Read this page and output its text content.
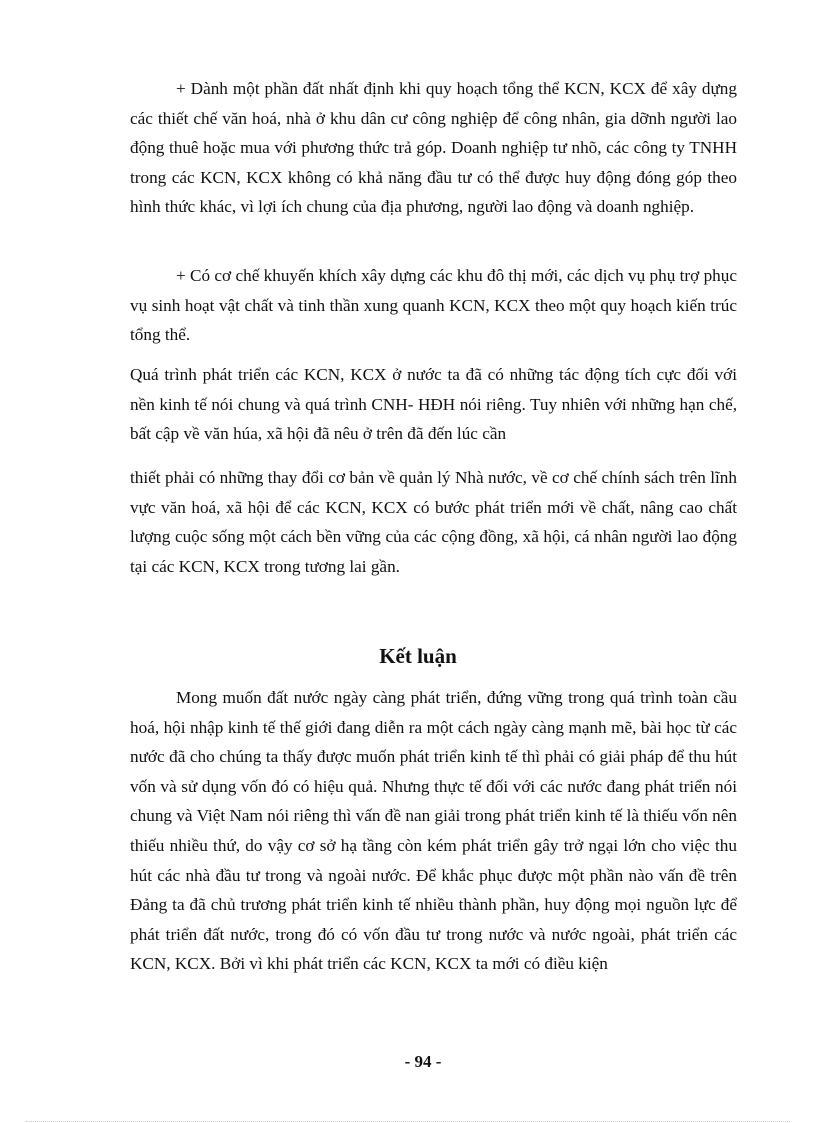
+ Dành một phần đất nhất định khi quy hoạch tổng thể KCN, KCX để xây dựng các thiết chế văn hoá, nhà ở khu dân cư công nghiệp để công nhân, gia dỡnh người lao động thuê hoặc mua với phương thức trả góp. Doanh nghiệp tư nhõ, các công ty TNHH trong các KCN, KCX không có khả năng đầu tư có thể được huy động đóng góp theo hình thức khác, vì lợi ích chung của địa phương, người lao động và doanh nghiệp.

+ Có cơ chế khuyến khích xây dựng các khu đô thị mới, các dịch vụ phụ trợ phục vụ sinh hoạt vật chất và tinh thần xung quanh KCN, KCX theo một quy hoạch kiến trúc tổng thể.

Quá trình phát triển các KCN, KCX ở nước ta đã có những tác động tích cực đối với nền kinh tế nói chung và quá trình CNH- HĐH nói riêng. Tuy nhiên với những hạn chế, bất cập về văn húa, xã hội đã nêu ở trên đã đến lúc cần

thiết phải có những thay đổi cơ bản về quản lý Nhà nước, về cơ chế chính sách trên lĩnh vực văn hoá, xã hội để các KCN, KCX có bước phát triển mới về chất, nâng cao chất lượng cuộc sống một cách bền vững của các cộng đồng, xã hội, cá nhân người lao động tại các KCN, KCX trong tương lai gần.

Kết luận

Mong muốn đất nước ngày càng phát triển, đứng vững trong quá trình toàn cầu hoá, hội nhập kinh tế thế giới đang diễn ra một cách ngày càng mạnh mẽ, bài học từ các nước đã cho chúng ta thấy được muốn phát triển kinh tế thì phải có giải pháp để thu hút vốn và sử dụng vốn đó có hiệu quả. Nhưng thực tế đối với các nước đang phát triển nói chung và Việt Nam nói riêng thì vấn đề nan giải trong phát triển kinh tế là thiếu vốn nên thiếu nhiều thứ, do vậy cơ sở hạ tầng còn kém phát triển gây trở ngại lớn cho việc thu hút các nhà đầu tư trong và ngoài nước. Để khắc phục được một phần nào vấn đề trên Đảng ta đã chủ trương phát triển kinh tế nhiều thành phần, huy động mọi nguồn lực để phát triển đất nước, trong đó có vốn đầu tư trong nước và nước ngoài, phát triển các KCN, KCX. Bởi vì khi phát triển các KCN, KCX ta mới có điều kiện

- 94 -
